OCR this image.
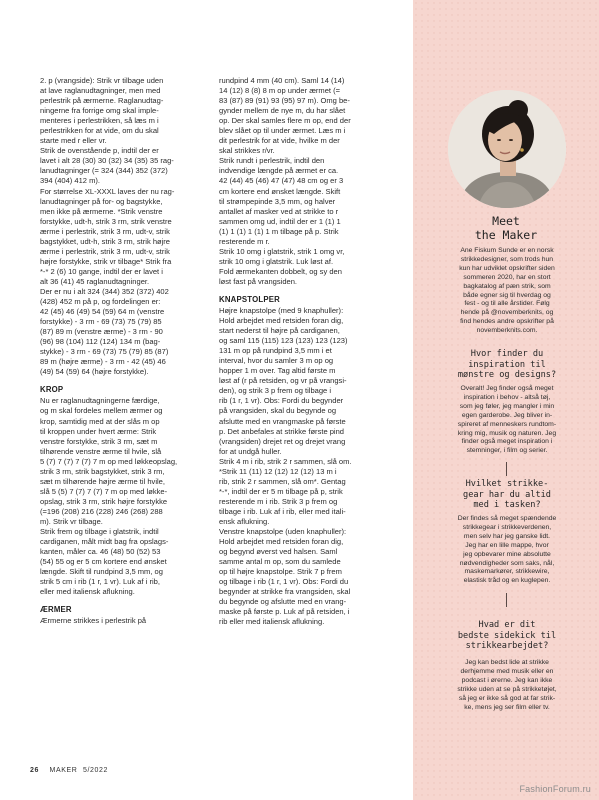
2. p (vrangside): Strik vr tilbage uden
at lave raglanudtagninger, men med
perlestrik på ærmerne. Raglanudtag-
ningerne fra forrige omg skal imple-
menteres i perlestrikken, så læs m i
perlestrikken for at vide, om du skal
starte med r eller vr.
Strik de ovenstående p, indtil der er
lavet i alt 28 (30) 30 (32) 34 (35) 35 rag-
lanudtagninger (= 324 (344) 352 (372)
394 (404) 412 m).
For størrelse XL-XXXL laves der nu rag-
lanudtagninger på for- og bagstykke,
men ikke på ærmerne. *Strik venstre
forstykke, udt-h, strik 3 rm, strik venstre
ærme i perlestrik, strik 3 rm, udt-v, strik
bagstykket, udt-h, strik 3 rm, strik højre
ærme i perlestrik, strik 3 rm, udt-v, strik
højre forstykke, strik vr tilbage* Strik fra
*-* 2 (6) 10 gange, indtil der er lavet i
alt 36 (41) 45 raglanudtagninger.
Der er nu i alt 324 (344) 352 (372) 402
(428) 452 m på p, og fordelingen er:
42 (45) 46 (49) 54 (59) 64 m (venstre
forstykke) - 3 rm - 69 (73) 75 (79) 85
(87) 89 m (venstre ærme) - 3 rm - 90
(96) 98 (104) 112 (124) 134 m (bag-
stykke) - 3 rm - 69 (73) 75 (79) 85 (87)
89 m (højre ærme) - 3 rm - 42 (45) 46
(49) 54 (59) 64 (højre forstykke).

KROP

Nu er raglanudtagningerne færdige,
og m skal fordeles mellem ærmer og
krop, samtidig med at der slås m op
til kroppen under hvert ærme: Strik
venstre forstykke, strik 3 rm, sæt m
tilhørende venstre ærme til hvile, slå
5 (7) 7 (7) 7 (7) 7 m op med løkkeopslag,
strik 3 rm, strik bagstykket, strik 3 rm,
sæt m tilhørende højre ærme til hvile,
slå 5 (5) 7 (7) 7 (7) 7 m op med løkke-
opslag, strik 3 rm, strik højre forstykke
(=196 (208) 216 (228) 246 (268) 288
m). Strik vr tilbage.
Strik frem og tilbage i glatstrik, indtil
cardiganen, målt midt bag fra opslags-
kanten, måler ca. 46 (48) 50 (52) 53
(54) 55 og er 5 cm kortere end ønsket
længde. Skift til rundpind 3,5 mm, og
strik 5 cm i rib (1 r, 1 vr). Luk af i rib,
eller med italiensk aflukning.

ÆRMER

Ærmerne strikkes i perlestrik på

rundpind 4 mm (40 cm). Saml 14 (14)
14 (12) 8 (8) 8 m op under ærmet (=
83 (87) 89 (91) 93 (95) 97 m). Omg be-
gynder mellem de nye m, du har slået
op. Der skal samles flere m op, end der
blev slået op til under ærmet. Læs m i
dit perlestrik for at vide, hvilke m der
skal strikkes r/vr.
Strik rundt i perlestrik, indtil den
indvendige længde på ærmet er ca.
42 (44) 45 (46) 47 (47) 48 cm og er 3
cm kortere end ønsket længde. Skift
til strømpepinde 3,5 mm, og halver
antallet af masker ved at strikke to r
sammen omg ud, indtil der er 1 (1) 1
(1) 1 (1) 1 (1) 1 m tilbage på p. Strik
resterende m r.
Strik 10 omg i glatstrik, strik 1 omg vr,
strik 10 omg i glatstrik. Luk løst af.
Fold ærmekanten dobbelt, og sy den
løst fast på vrangsiden.

KNAPSTOLPER

Højre knapstolpe (med 9 knaphuller):
Hold arbejdet med retsiden foran dig,
start nederst til højre på cardiganen,
og saml 115 (115) 123 (123) 123 (123)
131 m op på rundpind 3,5 mm i et
interval, hvor du samler 3 m op og
hopper 1 m over. Tag altid første m
løst af (r på retsiden, og vr på vrangsi-
den), og strik 3 p frem og tilbage i
rib (1 r, 1 vr). Obs: Fordi du begynder
på vrangsiden, skal du begynde og
afslutte med en vrangmaske på første
p. Det anbefales at strikke første pind
(vrangsiden) drejet ret og drejet vrang
for at undgå huller.
Strik 4 m i rib, strik 2 r sammen, slå om.
*Strik 11 (11) 12 (12) 12 (12) 13 m i
rib, strik 2 r sammen, slå om*. Gentag
*-*, indtil der er 5 m tilbage på p, strik
resterende m i rib. Strik 3 p frem og
tilbage i rib. Luk af i rib, eller med itali-
ensk aflukning.
Venstre knapstolpe (uden knaphuller):
Hold arbejdet med retsiden foran dig,
og begynd øverst ved halsen. Saml
samme antal m op, som du samlede
op til højre knapstolpe. Strik 7 p frem
og tilbage i rib (1 r, 1 vr). Obs: Fordi du
begynder at strikke fra vrangsiden, skal
du begynde og afslutte med en vrang-
maske på første p. Luk af på retsiden, i
rib eller med italiensk aflukning.

26 MAKER 5/2022
Meet
the Maker
Ane Fiskum Sunde er en norsk
strikkedesigner, som trods hun
kun har udviklet opskrifter siden
sommeren 2020, har en stort
bagkatalog af pæn strik, som
både egner sig til hverdag og
fest - og til alle årstider. Følg
hende på @novemberknits, og
find hendes andre opskrifter på
novemberknits.com.
Hvor finder du
inspiration til
mønstre og designs?
Overalt! Jeg finder også meget
inspiration i behov - altså tøj,
som jeg føler, jeg mangler i min
egen garderobe. Jeg bliver in-
spireret af menneskers rundtom-
kring mig, musik og naturen. Jeg
finder også meget inspiration i
stemninger, i film og serier.
Hvilket strikke-
gear har du altid
med i tasken?
Der findes så meget spændende
strikkegear i strikkeverdenen,
men selv har jeg ganske lidt.
Jeg har en lille mappe, hvor
jeg opbevarer mine absolutte
nødvendigheder som saks, nål,
maskemarkører, strikkewire,
elastisk tråd og en kuglepen.
Hvad er dit
bedste sidekick til
strikkearbejdet?
Jeg kan bedst lide at strikke
derhjemme med musik eller en
podcast i ørerne. Jeg kan ikke
strikke uden at se på strikketøjet,
så jeg er ikke så god at far strik-
ke, mens jeg ser film eller tv.
FashionForum.ru
